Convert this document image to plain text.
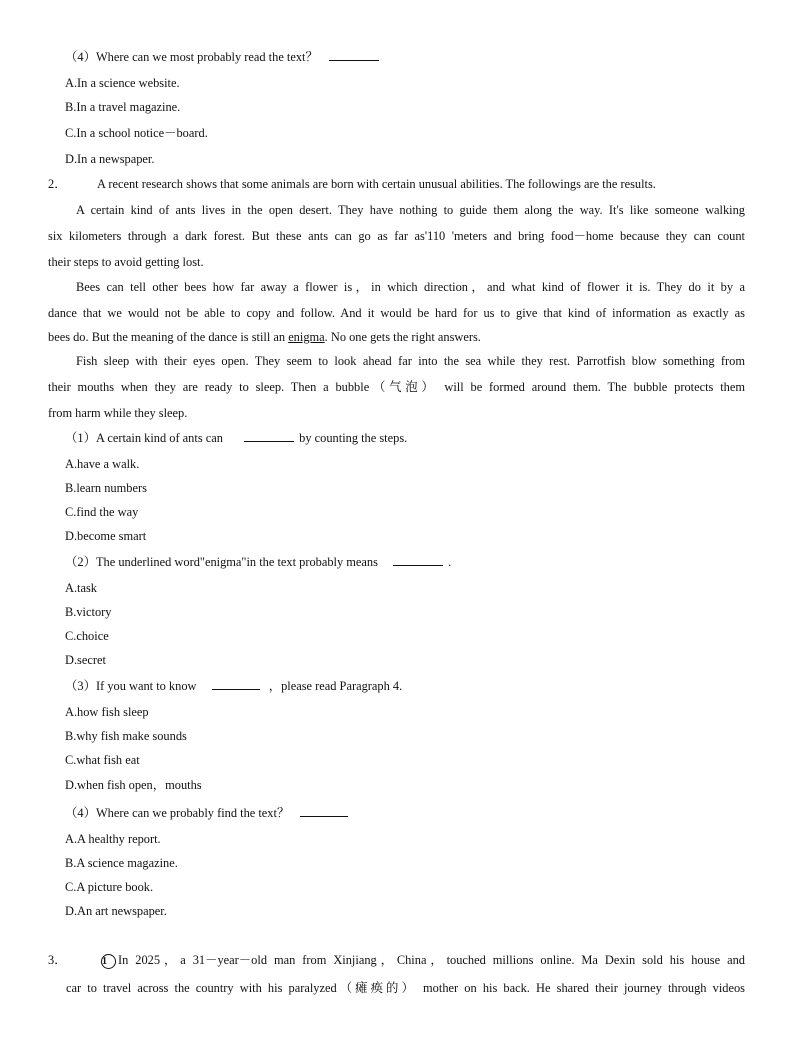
（4）Where can we most probably read the text？
A.In a science website.
B.In a travel magazine.
C.In a school notice－board.
D.In a newspaper.
2． A recent research shows that some animals are born with certain unusual abilities. The followings are the results.
A certain kind of ants lives in the open desert. They have nothing to guide them along the way. It's like someone walking
six kilometers through a dark forest. But these ants can go as far as'110 'meters and bring food－home because they can count
their steps to avoid getting lost.
Bees can tell other bees how far away a flower is，in which direction，and what kind of flower it is. They do it by a
dance that we would not be able to copy and follow. And it would be hard for us to give that kind of information as exactly as
bees do. But the meaning of the dance is still an enigma. No one gets the right answers.
Fish sleep with their eyes open. They seem to look ahead far into the sea while they rest. Parrotfish blow something from
their mouths when they are ready to sleep. Then a bubble（气泡） will be formed around them. The bubble protects them
from harm while they sleep.
（1）A certain kind of ants can	by counting the steps.
A.have a walk.
B.learn numbers
C.find the way
D.become smart
（2）The underlined word"enigma"in the text probably means	.
A.task
B.victory
C.choice
D.secret
（3）If you want to know	，please read Paragraph 4.
A.how fish sleep
B.why fish make sounds
C.what fish eat
D.when fish open，mouths
（4）Where can we probably find the text？
A.A healthy report.
B.A science magazine.
C.A picture book.
D.An art newspaper.
3．	1 In 2025，a 31－year－old man from Xinjiang，China，touched millions online. Ma Dexin sold his house and
car to travel across the country with his paralyzed（瘫痪的） mother on his back. He shared their journey through videos
